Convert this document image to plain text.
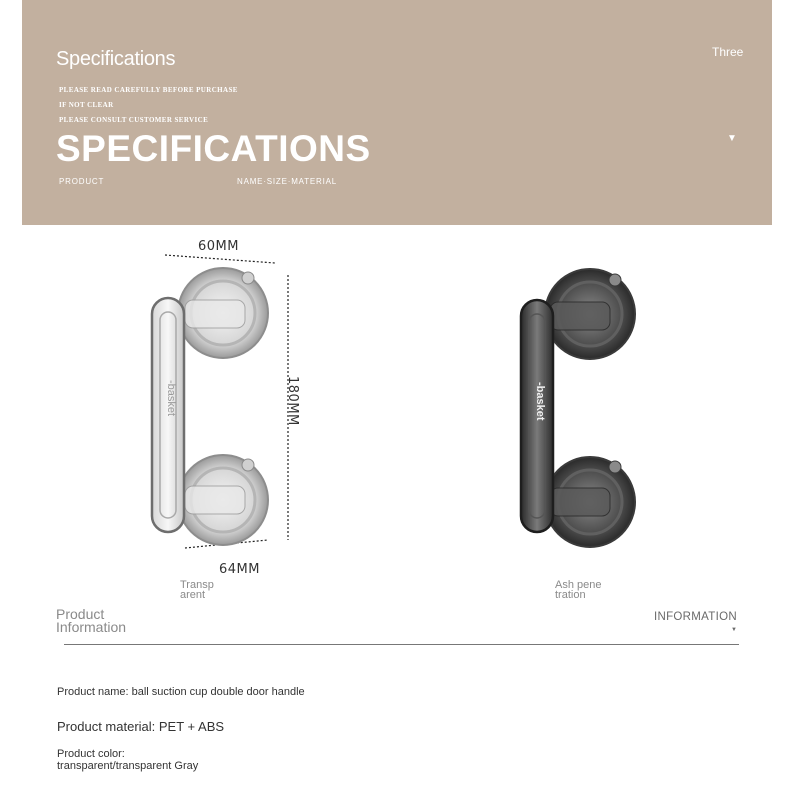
Specifications
PLEASE READ CAREFULLY BEFORE PURCHASE
IF NOT CLEAR
PLEASE CONSULT CUSTOMER SERVICE
SPECIFICATIONS
PRODUCT	NAME·SIZE·MATERIAL
Three
▼
-basket
60MM
180MM
64MM
-basket
Transparent
Ash penetration
Product Information
INFORMATION
▼
Product name: ball suction cup double door handle
Product material: PET + ABS
Product color:
transparent/transparent Gray
